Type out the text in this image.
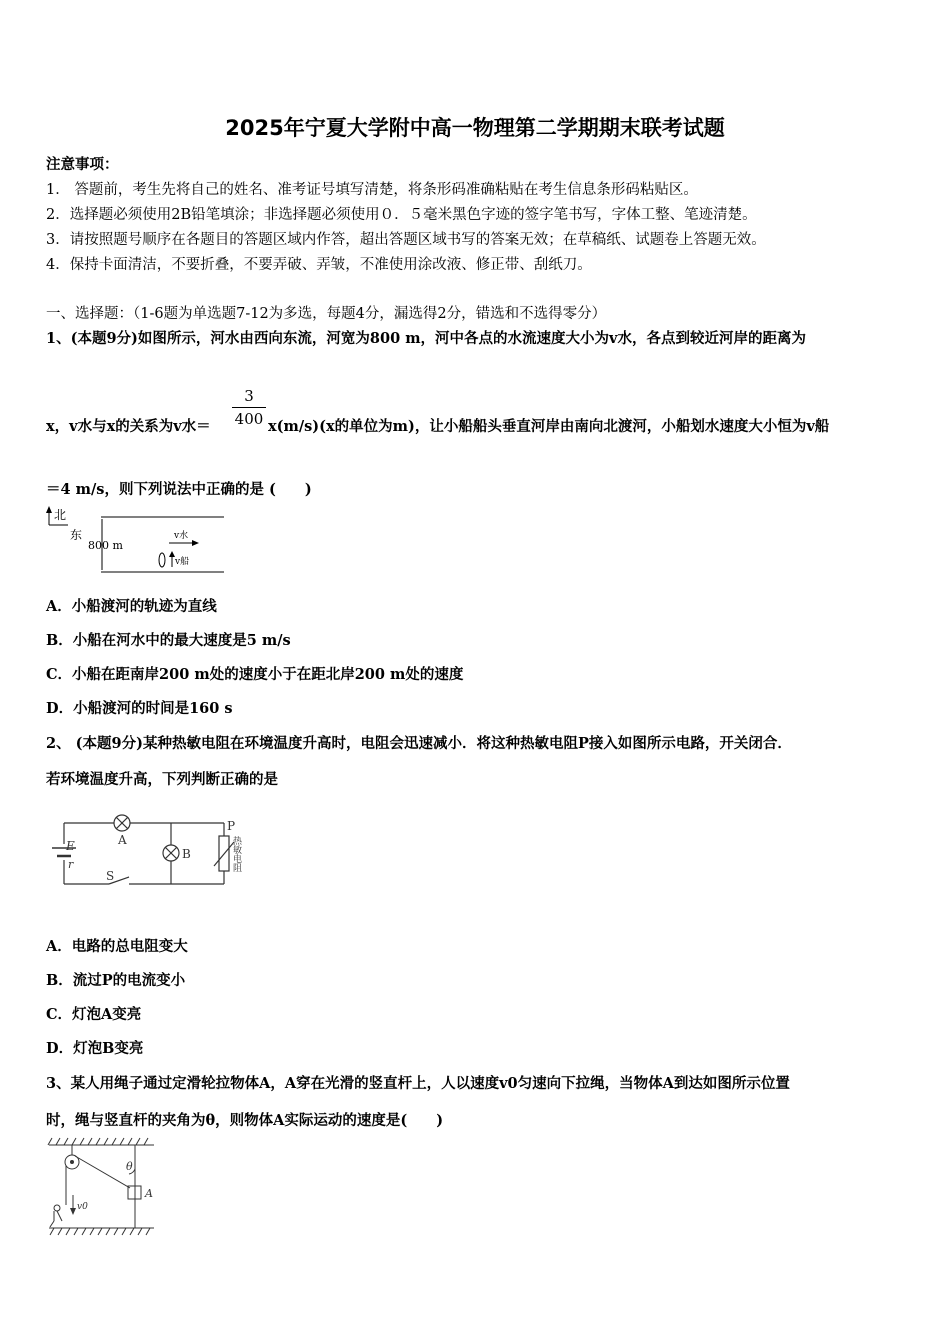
2025年宁夏大学附中高一物理第二学期期末联考试题
注意事项：
1． 答题前，考生先将自己的姓名、准考证号填写清楚，将条形码准确粘贴在考生信息条形码粘贴区。
2．选择题必须使用2B铅笔填涂；非选择题必须使用０．５毫米黑色字迹的签字笔书写，字体工整、笔迹清楚。
3．请按照题号顺序在各题目的答题区域内作答，超出答题区域书写的答案无效；在草稿纸、试题卷上答题无效。
4．保持卡面清洁，不要折叠，不要弄破、弄皱，不准使用涂改液、修正带、刮纸刀。
一、选择题：（1-6题为单选题7-12为多选，每题4分，漏选得2分，错选和不选得零分）
1、(本题9分)如图所示，河水由西向东流，河宽为800 m，河中各点的水流速度大小为v水，各点到较近河岸的距离为
x，v水与x的关系为v水＝
3
400 x(m/s)(x的单位为m)，让小船船头垂直河岸由南向北渡河，小船划水速度大小恒为v船
＝4 m/s，则下列说法中正确的是 (　　)
北
东
800 m
v水
v船
A．小船渡河的轨迹为直线
B．小船在河水中的最大速度是5 m/s
C．小船在距南岸200 m处的速度小于在距北岸200 m处的速度
D．小船渡河的时间是160 s
2、 (本题9分)某种热敏电阻在环境温度升高时，电阻会迅速减小．将这种热敏电阻P接入如图所示电路，开关闭合．
若环境温度升高，下列判断正确的是
A
B
P
E
r
S
热敏电阻
A．电路的总电阻变大
B．流过P的电流变小
C．灯泡A变亮
D．灯泡B变亮
3、某人用绳子通过定滑轮拉物体A，A穿在光滑的竖直杆上，人以速度v0匀速向下拉绳，当物体A到达如图所示位置
时，绳与竖直杆的夹角为θ，则物体A实际运动的速度是(　　)
θ
A
v0
